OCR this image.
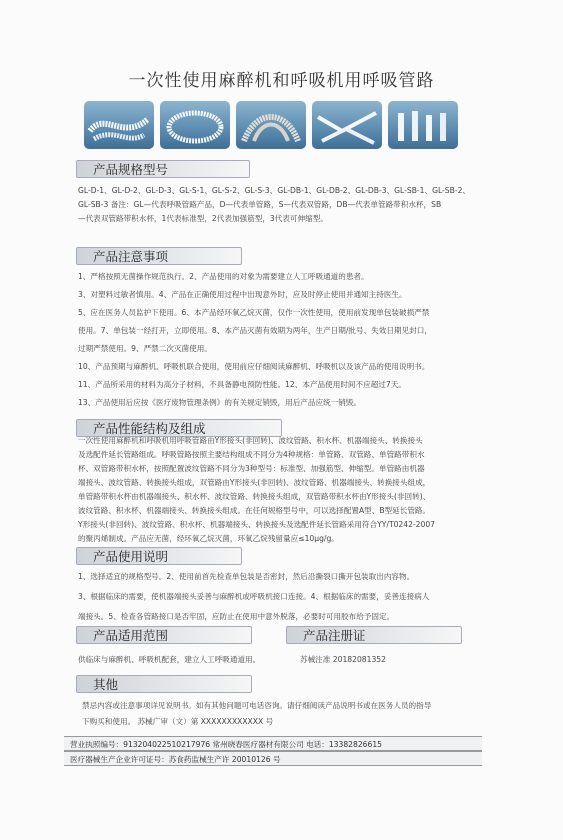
一次性使用麻醉机和呼吸机用呼吸管路
产品规格型号
GL-D-1、GL-D-2、GL-D-3、GL-S-1、GL-S-2、GL-S-3、GL-DB-1、GL-DB-2、GL-DB-3、GL-SB-1、GL-SB-2、
GL-SB-3 备注：GL—代表呼吸管路产品，D—代表单管路，S—代表双管路，DB—代表单管路带积水杯，SB
—代表双管路带积水杯，1代表标准型，2代表加强筋型，3代表可伸缩型。
产品注意事项
1、严格按照无菌操作规范执行。2、产品使用的对象为需要建立人工呼吸通道的患者。
3、对塑料过敏者慎用。4、产品在正确使用过程中出现意外时，应及时停止使用并通知主持医生。
5、应在医务人员监护下使用。6、本产品经环氧乙烷灭菌，仅作一次性使用，使用前发现单包装破损严禁
使用。7、单包装一经打开，立即使用。8、本产品灭菌有效期为两年，生产日期/批号、失效日期见封口，
过期严禁使用。9、严禁二次灭菌使用。
10、产品预期与麻醉机、呼吸机联合使用，使用前应仔细阅读麻醉机、呼吸机以及该产品的使用说明书。
11、产品所采用的材料为高分子材料，不具备静电预防性能。12、本产品使用时间不应超过7天。
13、产品使用后应按《医疗废物管理条例》的有关规定销毁，用后产品应统一销毁。
产品性能结构及组成
一次性使用麻醉机和呼吸机用呼吸管路由Y形接头(非回转)、波纹管路、积水杯、机器端接头、转换接头
及选配件延长管路组成。呼吸管路按照主要结构组成不同分为4种规格：单管路、双管路、单管路带积水
杯、双管路带积水杯，按照配置波纹管路不同分为3种型号：标准型、加强筋型、伸缩型。单管路由机器
端接头、波纹管路、转换接头组成，双管路由Y形接头(非回转)、波纹管路、机器端接头、转换接头组成，
单管路带积水杯由机器端接头、积水杯、波纹管路、转换接头组成，双管路带积水杯由Y形接头(非回转)、
波纹管路、积水杯、机器端接头、转换接头组成。在任何规格型号中，可以选择配置A型、B型延长管路。
Y形接头(非回转)、波纹管路、积水杯、机器端接头、转换接头及选配件延长管路采用符合YY/T0242-2007
的聚丙烯制成。产品应无菌，经环氧乙烷灭菌，环氧乙烷残留量应≤10μg/g。
产品使用说明
1、选择适宜的规格型号。2、使用前首先检查单包装是否密封，然后沿撕裂口撕开包装取出内容物。
3、根据临床的需要，使机器端接头妥善与麻醉机或呼吸机接口连接。4、根据临床的需要，妥善连接病人
端接头。5、检查各管路接口是否牢固，应防止在使用中意外脱落，必要时可用胶布给予固定。
产品适用范围	产品注册证
供临床与麻醉机、呼吸机配套，建立人工呼吸通道用。	苏械注准 20182081352
其他
禁忌内容或注意事项详见说明书。如有其他问题可电话咨询。请仔细阅读产品说明书或在医务人员的指导
下购买和使用。 苏械广审（文）第 XXXXXXXXXXXX 号
营业执照编号：913204022510217976 常州晓春医疗器材有限公司 电话：13382826615
医疗器械生产企业许可证号：苏食药监械生产许 20010126 号
